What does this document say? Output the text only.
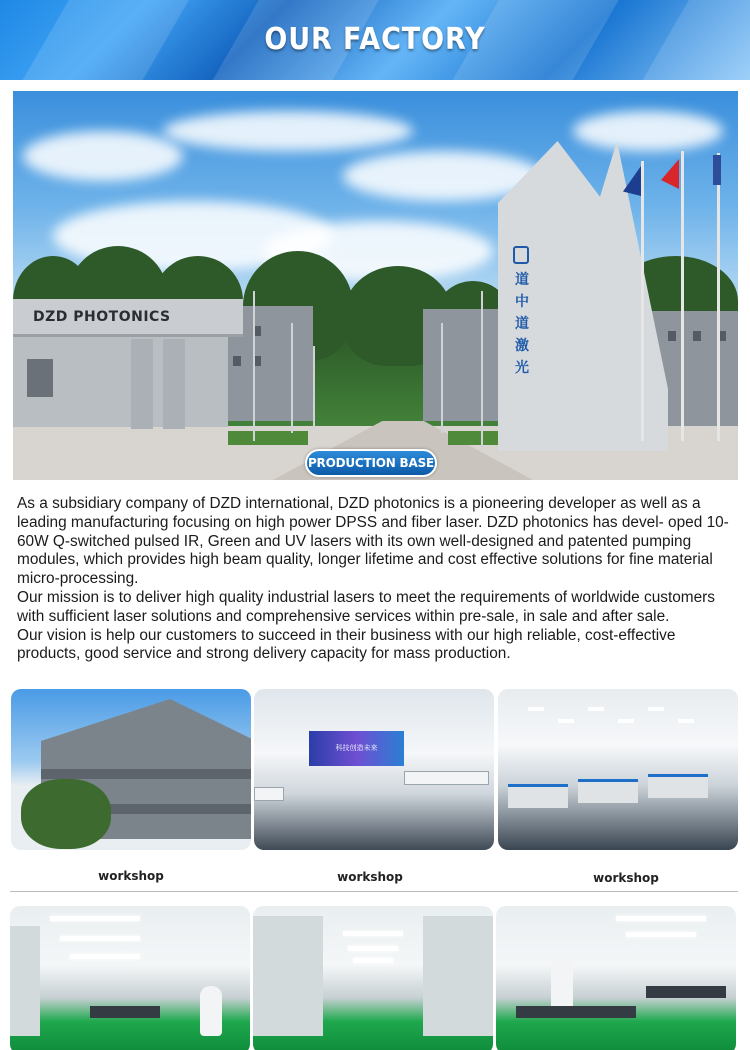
OUR FACTORY
DZD PHOTONICS
道中道激光
PRODUCTION BASE

As a subsidiary company of DZD international, DZD photonics is a pioneering developer as well as a leading manufacturing focusing on high power DPSS and fiber laser. DZD photonics has devel- oped 10-60W Q-switched pulsed IR, Green and UV lasers with its own well-designed and patented pumping modules, which provides high beam quality, longer lifetime and cost effective solutions for fine material micro-processing.

Our mission is to deliver high quality industrial lasers to meet the requirements of worldwide customers with sufficient laser solutions and comprehensive services within pre-sale, in sale and after sale.

Our vision is help our customers to succeed in their business with our high reliable, cost-effective products, good service and strong delivery capacity for mass production.

科技创造未来
workshop	workshop	workshop
